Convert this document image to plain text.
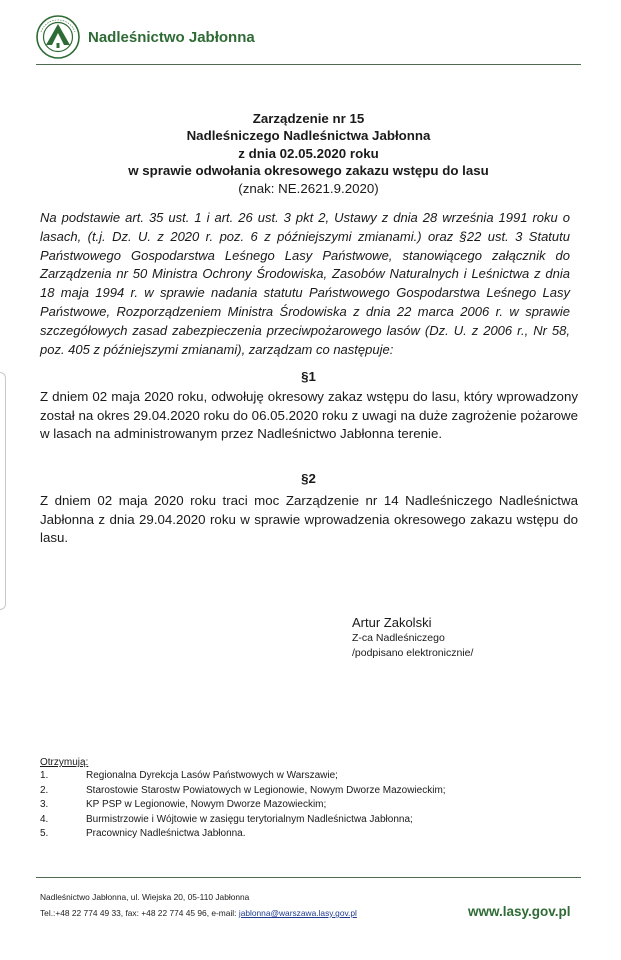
Nadleśnictwo Jabłonna
Zarządzenie nr 15
Nadleśniczego Nadleśnictwa Jabłonna
z dnia 02.05.2020 roku
w sprawie odwołania okresowego zakazu wstępu do lasu
(znak: NE.2621.9.2020)
Na podstawie art. 35 ust. 1 i art. 26 ust. 3 pkt 2, Ustawy z dnia 28 września 1991 roku o lasach, (t.j. Dz. U. z 2020 r. poz. 6 z późniejszymi zmianami.) oraz §22 ust. 3 Statutu Państwowego Gospodarstwa Leśnego Lasy Państwowe, stanowiącego załącznik do Zarządzenia nr 50 Ministra Ochrony Środowiska, Zasobów Naturalnych i Leśnictwa z dnia 18 maja 1994 r. w sprawie nadania statutu Państwowego Gospodarstwa Leśnego Lasy Państwowe, Rozporządzeniem Ministra Środowiska z dnia 22 marca 2006 r. w sprawie szczegółowych zasad zabezpieczenia przeciwpożarowego lasów (Dz. U. z 2006 r., Nr 58, poz. 405 z późniejszymi zmianami), zarządzam co następuje:
§1
Z dniem 02 maja 2020 roku, odwołuję okresowy zakaz wstępu do lasu, który wprowadzony został na okres 29.04.2020 roku do 06.05.2020 roku z uwagi na duże zagrożenie pożarowe w lasach na administrowanym przez Nadleśnictwo Jabłonna terenie.
§2
Z dniem 02 maja 2020 roku traci moc Zarządzenie nr 14 Nadleśniczego Nadleśnictwa Jabłonna z dnia 29.04.2020 roku w sprawie wprowadzenia okresowego zakazu wstępu do lasu.
Artur Zakolski
Z-ca Nadleśniczego
/podpisano elektronicznie/
Otrzymują:
1.	Regionalna Dyrekcja Lasów Państwowych w Warszawie;
2.	Starostowie Starostw Powiatowych w Legionowie, Nowym Dworze Mazowieckim;
3.	KP PSP w Legionowie, Nowym Dworze Mazowieckim;
4.	Burmistrzowie i Wójtowie w zasięgu terytorialnym Nadleśnictwa Jabłonna;
5.	Pracownicy Nadleśnictwa Jabłonna.
Nadleśnictwo Jabłonna, ul. Wiejska 20, 05-110 Jabłonna
Tel.:+48 22 774 49 33, fax: +48 22 774 45 96, e-mail: jablonna@warszawa.lasy.gov.pl	www.lasy.gov.pl
